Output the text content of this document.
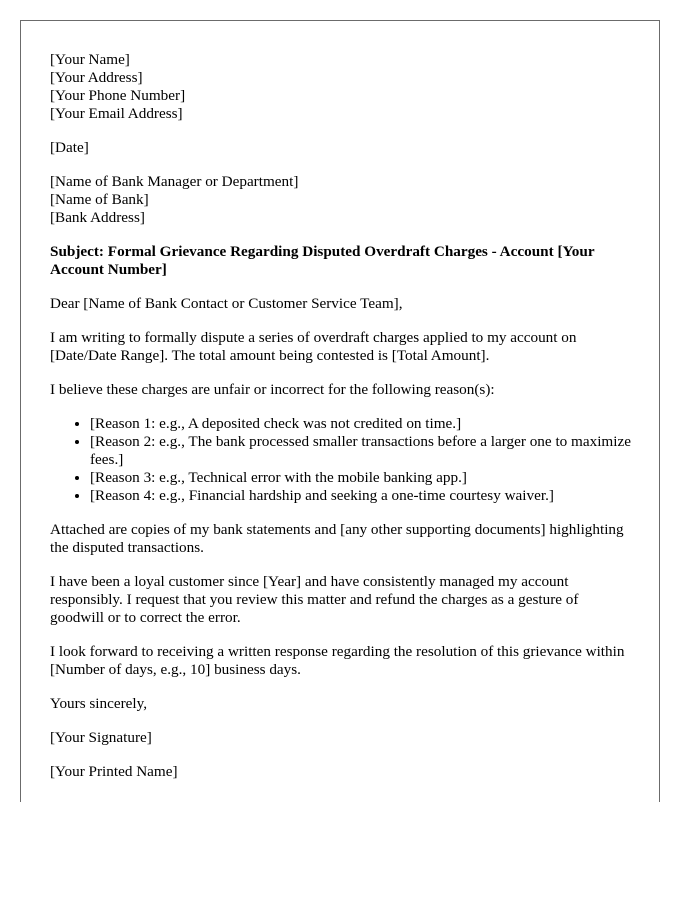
[Your Name]
[Your Address]
[Your Phone Number]
[Your Email Address]

[Date]

[Name of Bank Manager or Department]
[Name of Bank]
[Bank Address]

Subject: Formal Grievance Regarding Disputed Overdraft Charges - Account [Your Account Number]

Dear [Name of Bank Contact or Customer Service Team],

I am writing to formally dispute a series of overdraft charges applied to my account on [Date/Date Range]. The total amount being contested is [Total Amount].

I believe these charges are unfair or incorrect for the following reason(s):

• [Reason 1: e.g., A deposited check was not credited on time.]
• [Reason 2: e.g., The bank processed smaller transactions before a larger one to maximize fees.]
• [Reason 3: e.g., Technical error with the mobile banking app.]
• [Reason 4: e.g., Financial hardship and seeking a one-time courtesy waiver.]

Attached are copies of my bank statements and [any other supporting documents] highlighting the disputed transactions.

I have been a loyal customer since [Year] and have consistently managed my account responsibly. I request that you review this matter and refund the charges as a gesture of goodwill or to correct the error.

I look forward to receiving a written response regarding the resolution of this grievance within [Number of days, e.g., 10] business days.

Yours sincerely,

[Your Signature]

[Your Printed Name]
